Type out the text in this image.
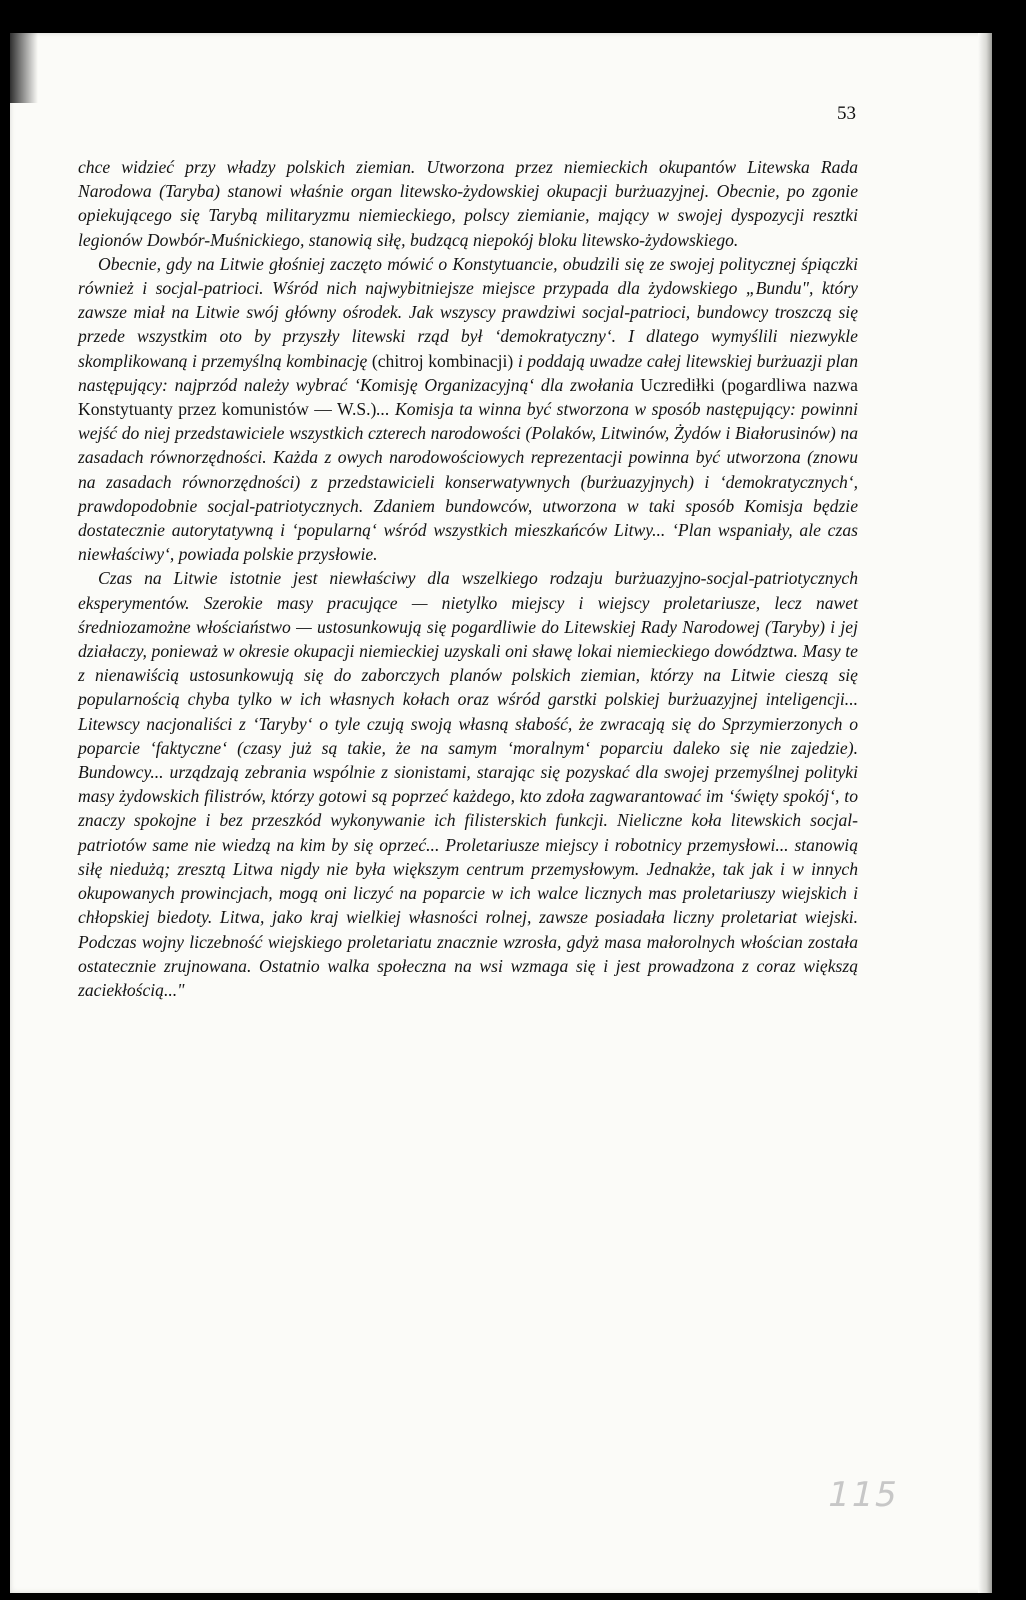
53

chce widzieć przy władzy polskich ziemian. Utworzona przez niemieckich okupantów Litewska Rada Narodowa (Taryba) stanowi właśnie organ litewsko-żydowskiej okupacji burżuazyjnej. Obecnie, po zgonie opiekującego się Tarybą militaryzmu niemieckiego, polscy ziemianie, mający w swojej dyspozycji resztki legionów Dowbór-Muśnickiego, stanowią siłę, budzącą niepokój bloku litewsko-żydowskiego.

Obecnie, gdy na Litwie głośniej zaczęto mówić o Konstytuancie, obudzili się ze swojej politycznej śpiączki również i socjal-patrioci. Wśród nich najwybitniejsze miejsce przypada dla żydowskiego „Bundu", który zawsze miał na Litwie swój główny ośrodek. Jak wszyscy prawdziwi socjal-patrioci, bundowcy troszczą się przede wszystkim oto by przyszły litewski rząd był ‘demokratyczny‘. I dlatego wymyślili niezwykle skomplikowaną i przemyślną kombinację (chitroj kombinacji) i poddają uwadze całej litewskiej burżuazji plan następujący: najprzód należy wybrać ‘Komisję Organizacyjną‘ dla zwołania Uczrediłki (pogardliwa nazwa Konstytuanty przez komunistów — W.S.)... Komisja ta winna być stworzona w sposób następujący: powinni wejść do niej przedstawiciele wszystkich czterech narodowości (Polaków, Litwinów, Żydów i Białorusinów) na zasadach równorzędności. Każda z owych narodowościowych reprezentacji powinna być utworzona (znowu na zasadach równorzędności) z przedstawicieli konserwatywnych (burżuazyjnych) i ‘demokratycznych‘, prawdopodobnie socjal-patriotycznych. Zdaniem bundowców, utworzona w taki sposób Komisja będzie dostatecznie autorytatywną i ‘popularną‘ wśród wszystkich mieszkańców Litwy... ‘Plan wspaniały, ale czas niewłaściwy‘, powiada polskie przysłowie.

Czas na Litwie istotnie jest niewłaściwy dla wszelkiego rodzaju burżuazyjno-socjal-patriotycznych eksperymentów. Szerokie masy pracujące — nietylko miejscy i wiejscy proletariusze, lecz nawet średniozamożne włościaństwo — ustosunkowują się pogardliwie do Litewskiej Rady Narodowej (Taryby) i jej działaczy, ponieważ w okresie okupacji niemieckiej uzyskali oni sławę lokai niemieckiego dowództwa. Masy te z nienawiścią ustosunkowują się do zaborczych planów polskich ziemian, którzy na Litwie cieszą się popularnością chyba tylko w ich własnych kołach oraz wśród garstki polskiej burżuazyjnej inteligencji... Litewscy nacjonaliści z ‘Taryby‘ o tyle czują swoją własną słabość, że zwracają się do Sprzymierzonych o poparcie ‘faktyczne‘ (czasy już są takie, że na samym ‘moralnym‘ poparciu daleko się nie zajedzie). Bundowcy... urządzają zebrania wspólnie z sionistami, starając się pozyskać dla swojej przemyślnej polityki masy żydowskich filistrów, którzy gotowi są poprzeć każdego, kto zdoła zagwarantować im ‘święty spokój‘, to znaczy spokojne i bez przeszkód wykonywanie ich filisterskich funkcji. Nieliczne koła litewskich socjal-patriotów same nie wiedzą na kim by się oprzeć... Proletariusze miejscy i robotnicy przemysłowi... stanowią siłę niedużą; zresztą Litwa nigdy nie była większym centrum przemysłowym. Jednakże, tak jak i w innych okupowanych prowincjach, mogą oni liczyć na poparcie w ich walce licznych mas proletariuszy wiejskich i chłopskiej biedoty. Litwa, jako kraj wielkiej własności rolnej, zawsze posiadała liczny proletariat wiejski. Podczas wojny liczebność wiejskiego proletariatu znacznie wzrosła, gdyż masa małorolnych włościan została ostatecznie zrujnowana. Ostatnio walka społeczna na wsi wzmaga się i jest prowadzona z coraz większą zaciekłością..."

115
